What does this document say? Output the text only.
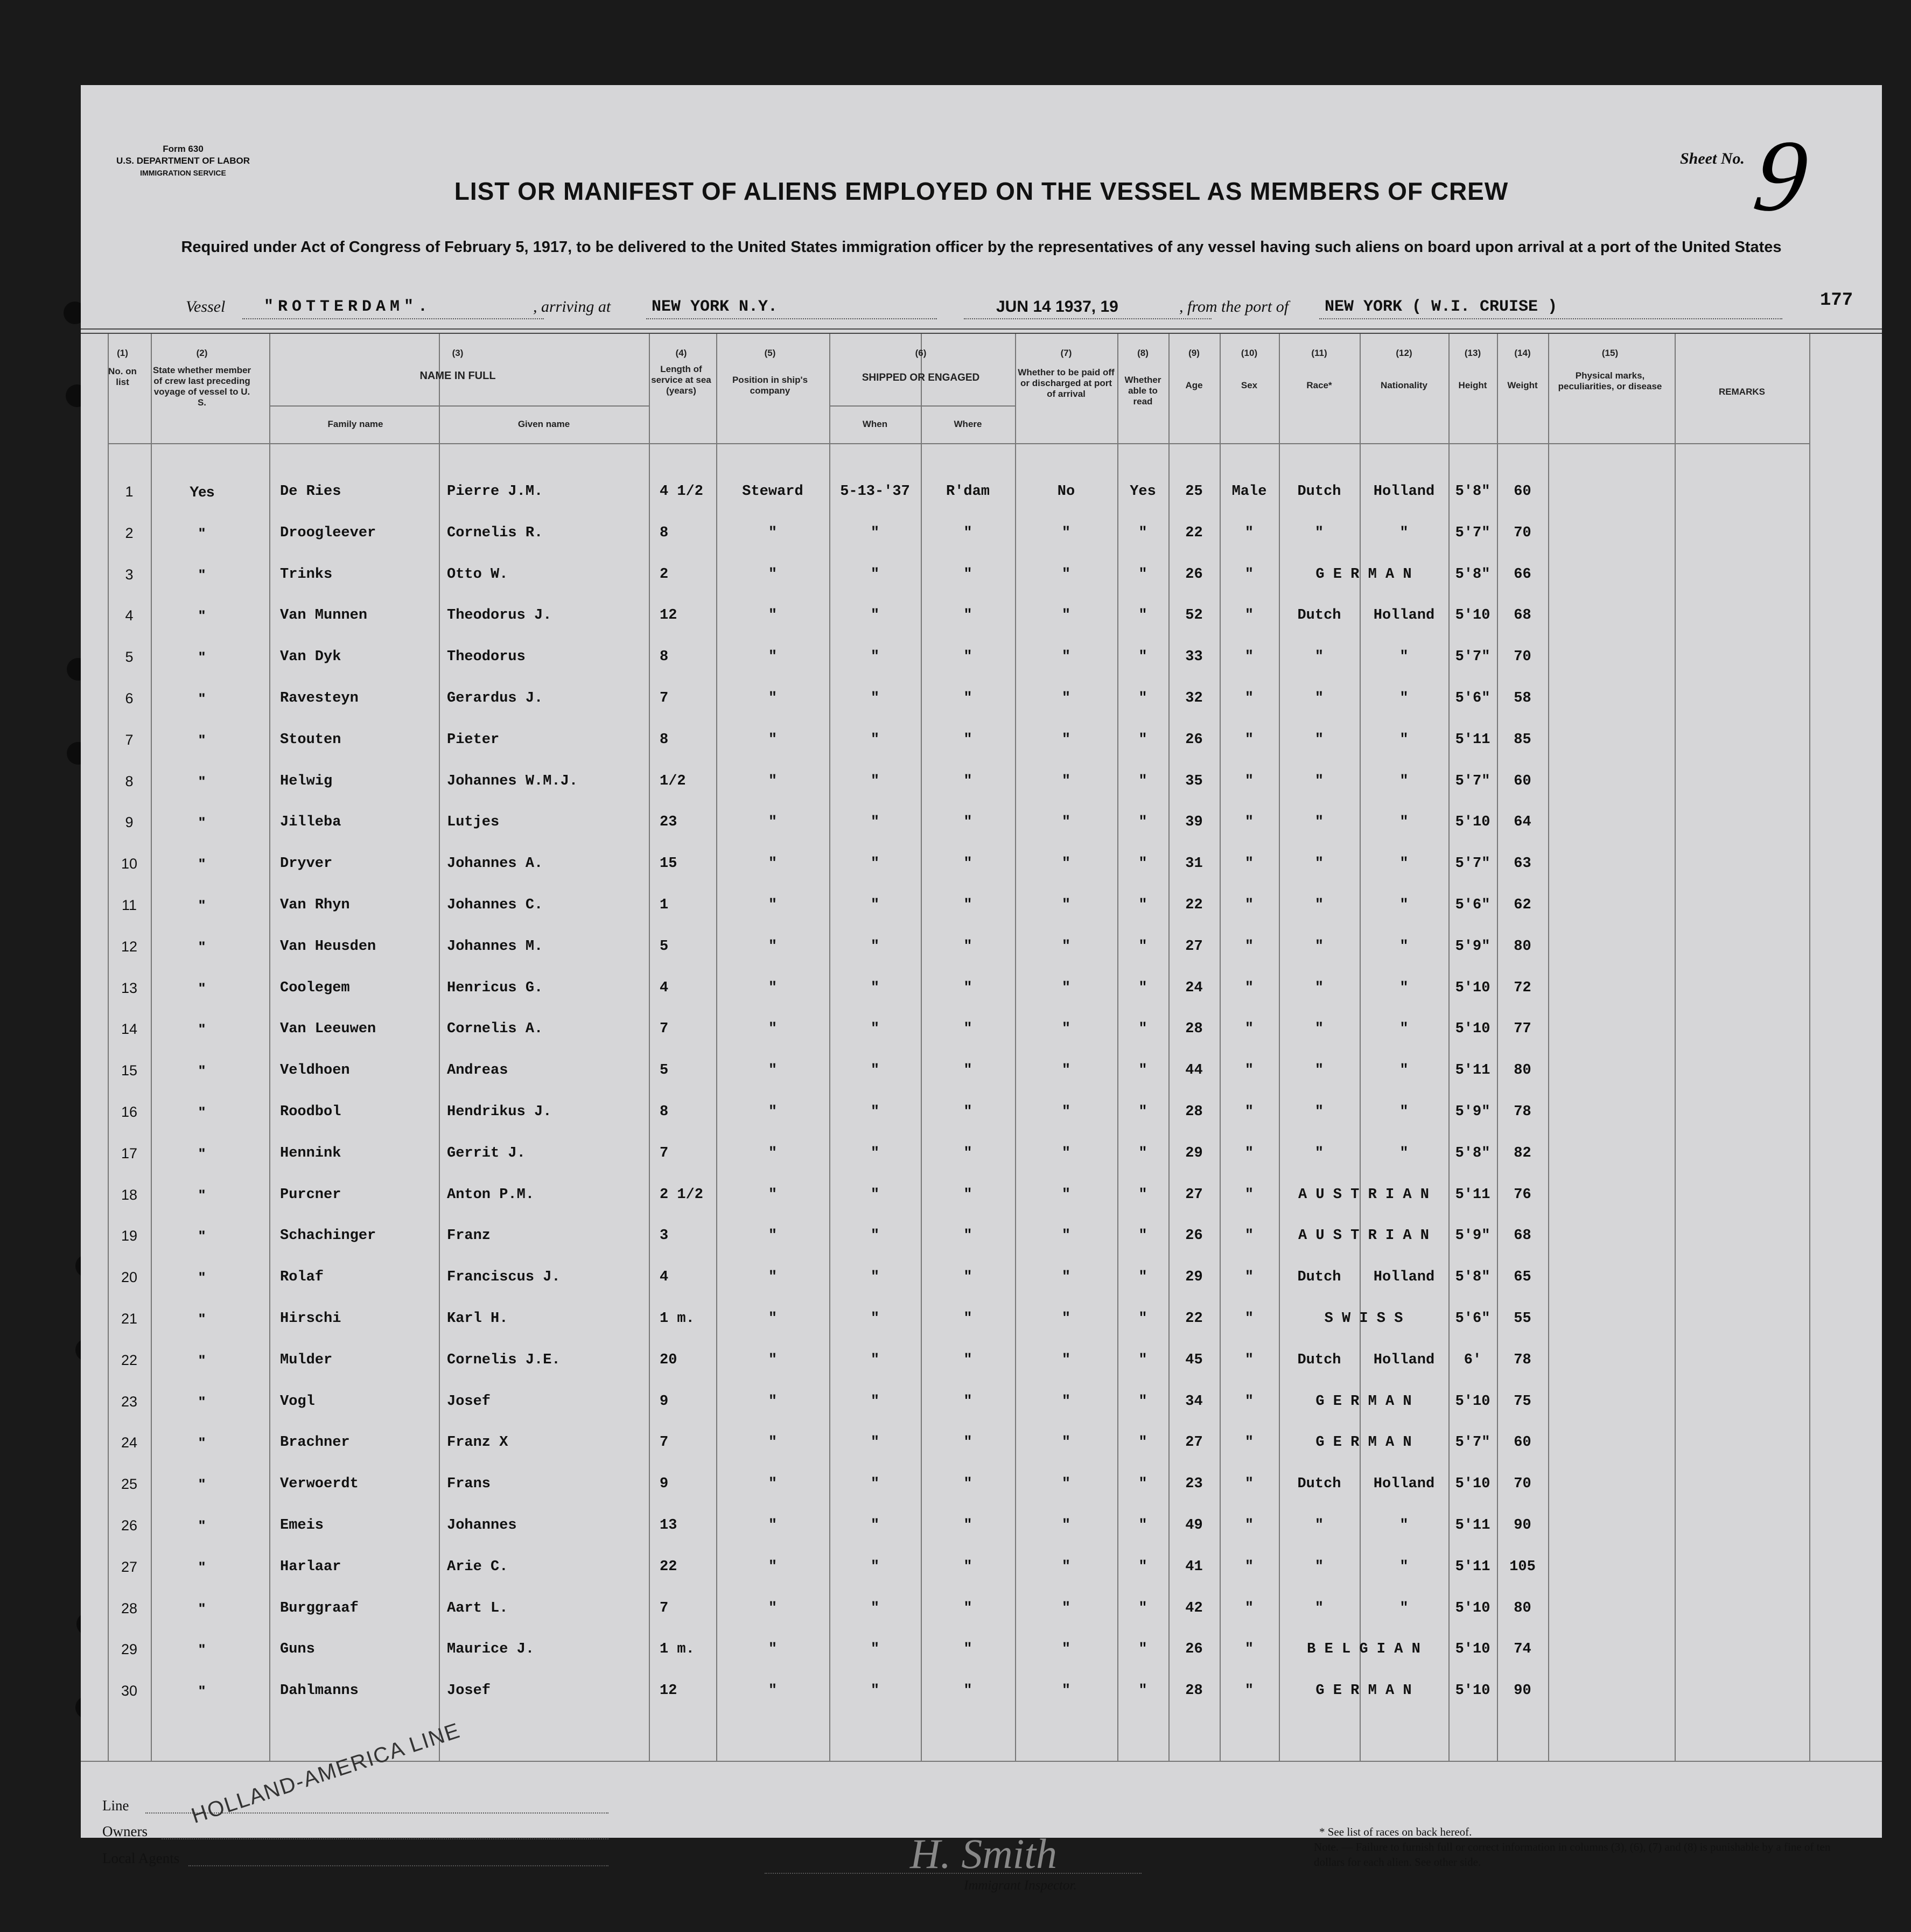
Form 630
U.S. DEPARTMENT OF LABOR
IMMIGRATION SERVICE
Sheet No. 9
LIST OR MANIFEST OF ALIENS EMPLOYED ON THE VESSEL AS MEMBERS OF CREW
Required under Act of Congress of February 5, 1917, to be delivered to the United States immigration officer by the representatives of any vessel having such aliens on board upon arrival at a port of the United States
Vessel "ROTTERDAM".	, arriving at	NEW YORK N.Y.	JUN 14 1937, 19	, from the port of NEW YORK ( W.I. CRUISE )	177
(1)
No. on list
(2)
State whether member of crew last preceding voyage of vessel to U. S.
(3)
NAME IN FULL
Family name	Given name
(4)
Length of service at sea (years)
(5)
Position in ship's company
(6)
SHIPPED OR ENGAGED
When	Where
(7)
Whether to be paid off or discharged at port of arrival
(8)
Whether able to read
(9)
Age
(10)
Sex
(11)
Race*
(12)
Nationality
(13)
Height
(14)
Weight
(15)
Physical marks, peculiarities, or disease
REMARKS
1	Yes	De Ries	Pierre J.M.	4 1/2	Steward	5-13-'37	R'dam	No	Yes	25	Male	Dutch	Holland	5'8"	60
2	"	Droogleever	Cornelis R.	8	"	"	"	"	"	22	"	"	"	5'7"	70
3	"	Trinks	Otto W.	2	"	"	"	"	"	26	"	G E R M A N	5'8"	66
4	"	Van Munnen	Theodorus J.	12	"	"	"	"	"	52	"	Dutch	Holland	5'10	68
5	"	Van Dyk	Theodorus	8	"	"	"	"	"	33	"	"	"	5'7"	70
6	"	Ravesteyn	Gerardus J.	7	"	"	"	"	"	32	"	"	"	5'6"	58
7	"	Stouten	Pieter	8	"	"	"	"	"	26	"	"	"	5'11	85
8	"	Helwig	Johannes W.M.J.	1/2	"	"	"	"	"	35	"	"	"	5'7"	60
9	"	Jilleba	Lutjes	23	"	"	"	"	"	39	"	"	"	5'10	64
10	"	Dryver	Johannes A.	15	"	"	"	"	"	31	"	"	"	5'7"	63
11	"	Van Rhyn	Johannes C.	1	"	"	"	"	"	22	"	"	"	5'6"	62
12	"	Van Heusden	Johannes M.	5	"	"	"	"	"	27	"	"	"	5'9"	80
13	"	Coolegem	Henricus G.	4	"	"	"	"	"	24	"	"	"	5'10	72
14	"	Van Leeuwen	Cornelis A.	7	"	"	"	"	"	28	"	"	"	5'10	77
15	"	Veldhoen	Andreas	5	"	"	"	"	"	44	"	"	"	5'11	80
16	"	Roodbol	Hendrikus J.	8	"	"	"	"	"	28	"	"	"	5'9"	78
17	"	Hennink	Gerrit J.	7	"	"	"	"	"	29	"	"	"	5'8"	82
18	"	Purcner	Anton P.M.	2 1/2	"	"	"	"	"	27	"	A U S T R I A N	5'11	76
19	"	Schachinger	Franz	3	"	"	"	"	"	26	"	A U S T R I A N	5'9"	68
20	"	Rolaf	Franciscus J.	4	"	"	"	"	"	29	"	Dutch	Holland	5'8"	65
21	"	Hirschi	Karl H.	1 m.	"	"	"	"	"	22	"	S W I S S	5'6"	55
22	"	Mulder	Cornelis J.E.	20	"	"	"	"	"	45	"	Dutch	Holland	6'	78
23	"	Vogl	Josef	9	"	"	"	"	"	34	"	G E R M A N	5'10	75
24	"	Brachner	Franz X	7	"	"	"	"	"	27	"	G E R M A N	5'7"	60
25	"	Verwoerdt	Frans	9	"	"	"	"	"	23	"	Dutch	Holland	5'10	70
26	"	Emeis	Johannes	13	"	"	"	"	"	49	"	"	"	5'11	90
27	"	Harlaar	Arie C.	22	"	"	"	"	"	41	"	"	"	5'11	105
28	"	Burggraaf	Aart L.	7	"	"	"	"	"	42	"	"	"	5'10	80
29	"	Guns	Maurice J.	1 m.	"	"	"	"	"	26	"	B E L G I A N	5'10	74
30	"	Dahlmanns	Josef	12	"	"	"	"	"	28	"	G E R M A N	5'10	90
Line
Owners
Local Agents
HOLLAND-AMERICA LINE
H. Smith
Immigrant Inspector.
* See list of races on back hereof.
Note. — Failure to furnish full or correct information in columns (3), (6), (7) and (8) is punishable by a fine of ten dollars for each alien. See other side.
